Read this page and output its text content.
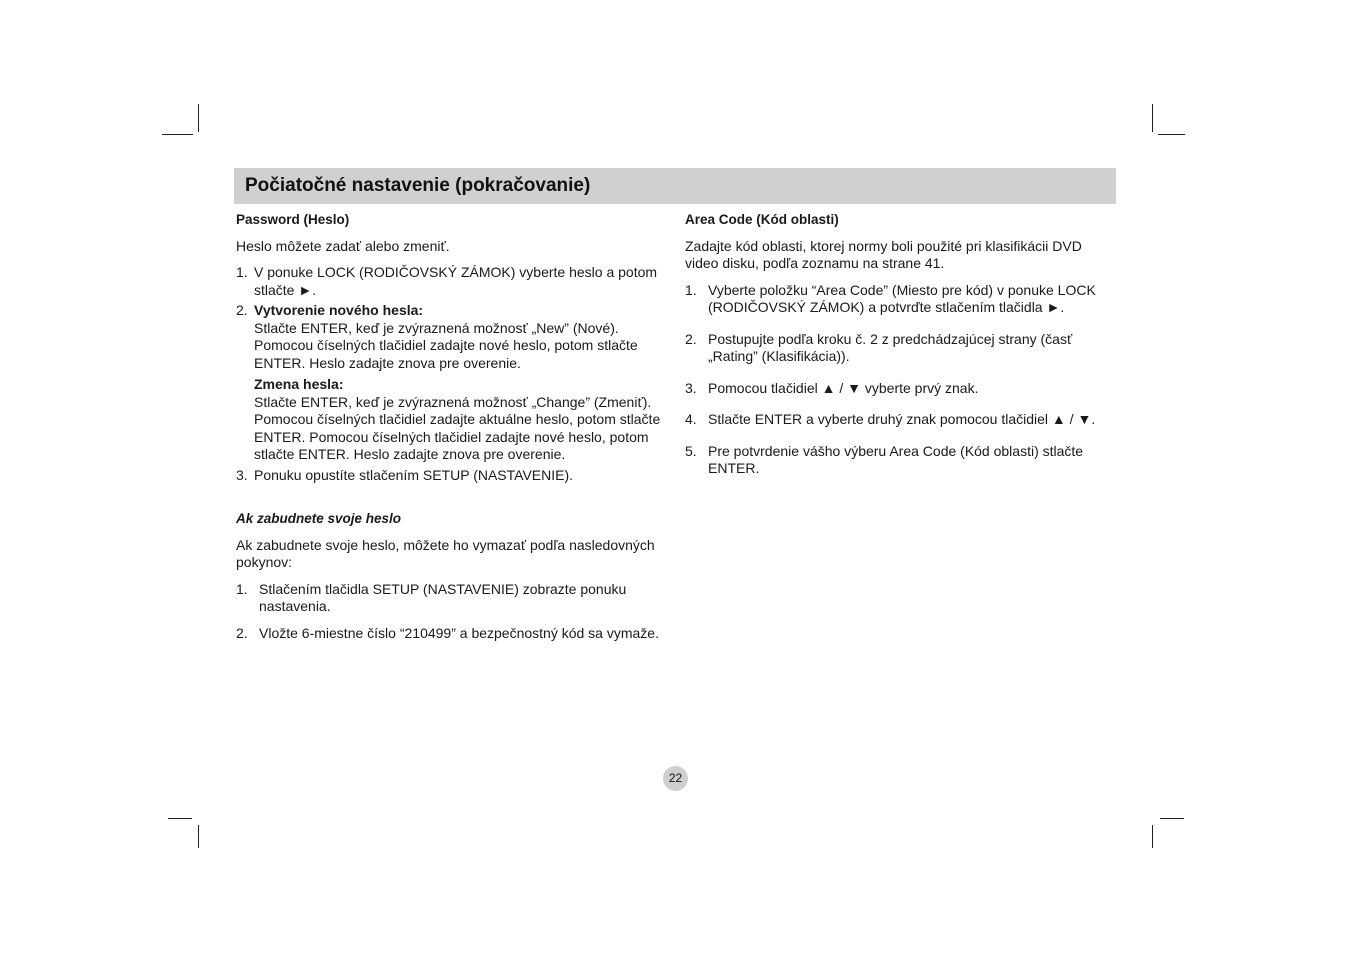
Počiatočné nastavenie (pokračovanie)
Password (Heslo)

Heslo môžete zadať alebo zmeniť.

1. V ponuke LOCK (RODIČOVSKÝ ZÁMOK) vyberte heslo a potom stlačte ►.
2. Vytvorenie nového hesla:
Stlačte ENTER, keď je zvýraznená možnosť „New” (Nové). Pomocou číselných tlačidiel zadajte nové heslo, potom stlačte ENTER. Heslo zadajte znova pre overenie.
Zmena hesla:
Stlačte ENTER, keď je zvýraznená možnosť „Change” (Zmeniť). Pomocou číselných tlačidiel zadajte aktuálne heslo, potom stlačte ENTER. Pomocou číselných tlačidiel zadajte nové heslo, potom stlačte ENTER. Heslo zadajte znova pre overenie.
3. Ponuku opustíte stlačením SETUP (NASTAVENIE).
Ak zabudnete svoje heslo

Ak zabudnete svoje heslo, môžete ho vymazať podľa nasledovných pokynov:

1. Stlačením tlačidla SETUP (NASTAVENIE) zobrazte ponuku nastavenia.
2. Vložte 6-miestne číslo “210499” a bezpečnostný kód sa vymaže.
Area Code (Kód oblasti)

Zadajte kód oblasti, ktorej normy boli použité pri klasifikácii DVD video disku, podľa zoznamu na strane 41.

1. Vyberte položku “Area Code” (Miesto pre kód) v ponuke LOCK (RODIČOVSKÝ ZÁMOK) a potvrďte stlačením tlačidla ►.
2. Postupujte podľa kroku č. 2 z predchádzajúcej strany (časť „Rating” (Klasifikácia)).
3. Pomocou tlačidiel ▲ / ▼ vyberte prvý znak.
4. Stlačte ENTER a vyberte druhý znak pomocou tlačidiel ▲ / ▼.
5. Pre potvrdenie vášho výberu Area Code (Kód oblasti) stlačte ENTER.
22
